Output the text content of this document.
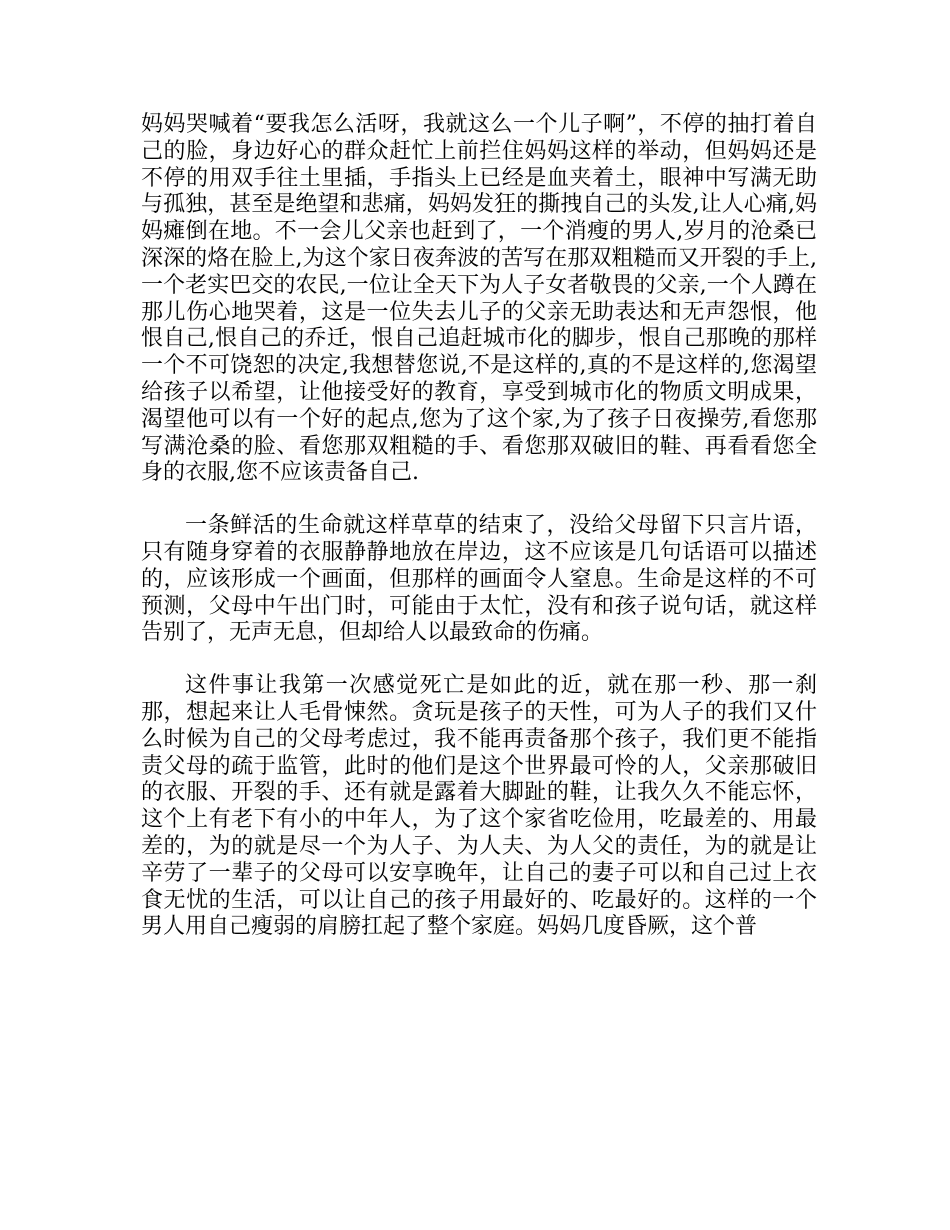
妈妈哭喊着“要我怎么活呀，我就这么一个儿子啊”，不停的抽打着自己的脸，身边好心的群众赶忙上前拦住妈妈这样的举动，但妈妈还是不停的用双手往土里插，手指头上已经是血夹着土，眼神中写满无助与孤独，甚至是绝望和悲痛，妈妈发狂的撕拽自己的头发,让人心痛,妈妈瘫倒在地。不一会儿父亲也赶到了，一个消瘦的男人,岁月的沧桑已深深的烙在脸上,为这个家日夜奔波的苦写在那双粗糙而又开裂的手上,一个老实巴交的农民,一位让全天下为人子女者敬畏的父亲,一个人蹲在那儿伤心地哭着，这是一位失去儿子的父亲无助表达和无声怨恨，他恨自己,恨自己的乔迁，恨自己追赶城市化的脚步，恨自己那晚的那样一个不可饶恕的决定,我想替您说,不是这样的,真的不是这样的,您渴望给孩子以希望，让他接受好的教育，享受到城市化的物质文明成果，渴望他可以有一个好的起点,您为了这个家,为了孩子日夜操劳,看您那写满沧桑的脸、看您那双粗糙的手、看您那双破旧的鞋、再看看您全身的衣服,您不应该责备自己.

一条鲜活的生命就这样草草的结束了，没给父母留下只言片语，只有随身穿着的衣服静静地放在岸边，这不应该是几句话语可以描述的，应该形成一个画面，但那样的画面令人窒息。生命是这样的不可预测，父母中午出门时，可能由于太忙，没有和孩子说句话，就这样告别了，无声无息，但却给人以最致命的伤痛。

这件事让我第一次感觉死亡是如此的近，就在那一秒、那一刹那，想起来让人毛骨悚然。贪玩是孩子的天性，可为人子的我们又什么时候为自己的父母考虑过，我不能再责备那个孩子，我们更不能指责父母的疏于监管，此时的他们是这个世界最可怜的人，父亲那破旧的衣服、开裂的手、还有就是露着大脚趾的鞋，让我久久不能忘怀，这个上有老下有小的中年人，为了这个家省吃俭用，吃最差的、用最差的，为的就是尽一个为人子、为人夫、为人父的责任，为的就是让辛劳了一辈子的父母可以安享晚年，让自己的妻子可以和自己过上衣食无忧的生活，可以让自己的孩子用最好的、吃最好的。这样的一个男人用自己瘦弱的肩膀扛起了整个家庭。妈妈几度昏厥，这个普
